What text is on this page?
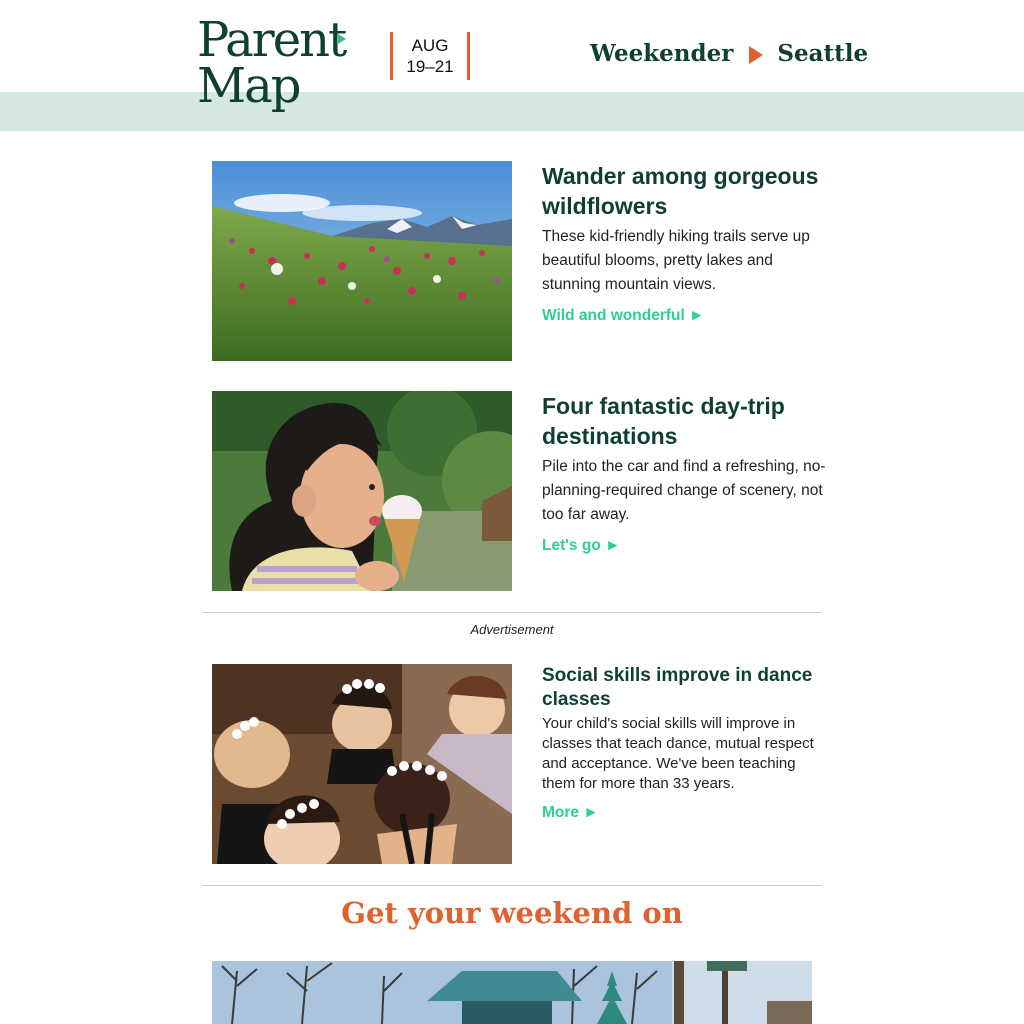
Parent
Map
AUG
19–21	Weekender Seattle

Wander among gorgeous wildflowers

These kid-friendly hiking trails serve up beautiful blooms, pretty lakes and stunning mountain views.

Wild and wonderful ►

Four fantastic day-trip destinations

Pile into the car and find a refreshing, no-planning-required change of scenery, not too far away.

Let's go ►
Advertisement

Social skills improve in dance classes

Your child's social skills will improve in classes that teach dance, mutual respect and acceptance. We've been teaching them for more than 33 years.

More ►
Get your weekend on
